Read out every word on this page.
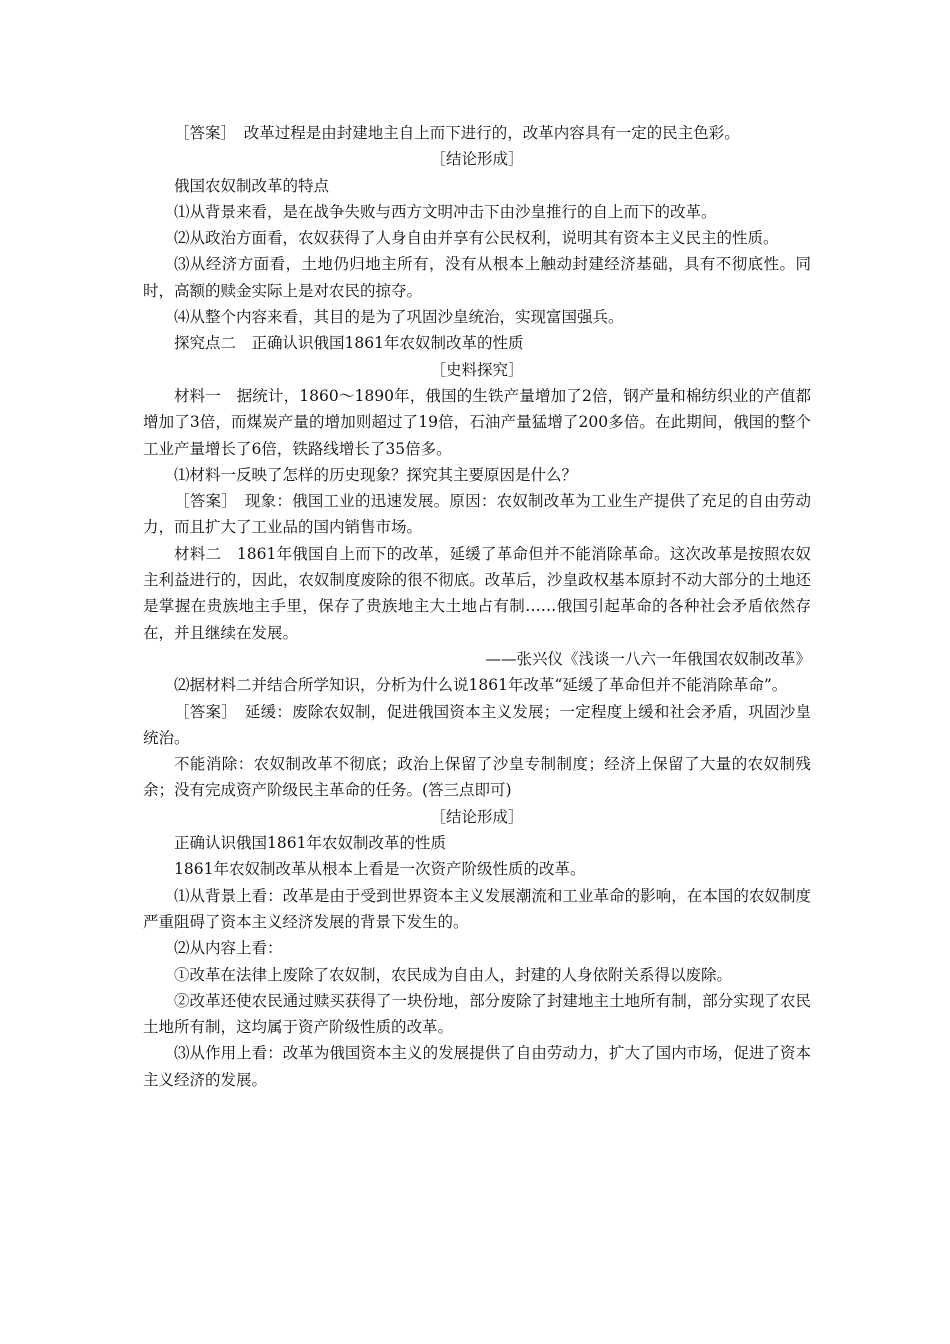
［答案］　改革过程是由封建地主自上而下进行的，改革内容具有一定的民主色彩。

［结论形成］

俄国农奴制改革的特点

⑴从背景来看，是在战争失败与西方文明冲击下由沙皇推行的自上而下的改革。

⑵从政治方面看，农奴获得了人身自由并享有公民权利，说明其有资本主义民主的性质。

⑶从经济方面看，土地仍归地主所有，没有从根本上触动封建经济基础，具有不彻底性。同时，高额的赎金实际上是对农民的掠夺。

⑷从整个内容来看，其目的是为了巩固沙皇统治，实现富国强兵。

探究点二　正确认识俄国1861年农奴制改革的性质

［史料探究］

材料一　据统计，1860～1890年，俄国的生铁产量增加了2倍，钢产量和棉纺织业的产值都增加了3倍，而煤炭产量的增加则超过了19倍，石油产量猛增了200多倍。在此期间，俄国的整个工业产量增长了6倍，铁路线增长了35倍多。

⑴材料一反映了怎样的历史现象？探究其主要原因是什么？

［答案］　现象：俄国工业的迅速发展。原因：农奴制改革为工业生产提供了充足的自由劳动力，而且扩大了工业品的国内销售市场。

材料二　1861年俄国自上而下的改革，延缓了革命但并不能消除革命。这次改革是按照农奴主利益进行的，因此，农奴制度废除的很不彻底。改革后，沙皇政权基本原封不动大部分的土地还是掌握在贵族地主手里，保存了贵族地主大土地占有制……俄国引起革命的各种社会矛盾依然存在，并且继续在发展。

——张兴仪《浅谈一八六一年俄国农奴制改革》

⑵据材料二并结合所学知识，分析为什么说1861年改革“延缓了革命但并不能消除革命”。

［答案］　延缓：废除农奴制，促进俄国资本主义发展；一定程度上缓和社会矛盾，巩固沙皇统治。

不能消除：农奴制改革不彻底；政治上保留了沙皇专制制度；经济上保留了大量的农奴制残余；没有完成资产阶级民主革命的任务。(答三点即可)

［结论形成］

正确认识俄国1861年农奴制改革的性质

1861年农奴制改革从根本上看是一次资产阶级性质的改革。

⑴从背景上看：改革是由于受到世界资本主义发展潮流和工业革命的影响，在本国的农奴制度严重阻碍了资本主义经济发展的背景下发生的。

⑵从内容上看：

①改革在法律上废除了农奴制，农民成为自由人，封建的人身依附关系得以废除。

②改革还使农民通过赎买获得了一块份地，部分废除了封建地主土地所有制，部分实现了农民土地所有制，这均属于资产阶级性质的改革。

⑶从作用上看：改革为俄国资本主义的发展提供了自由劳动力，扩大了国内市场，促进了资本主义经济的发展。
